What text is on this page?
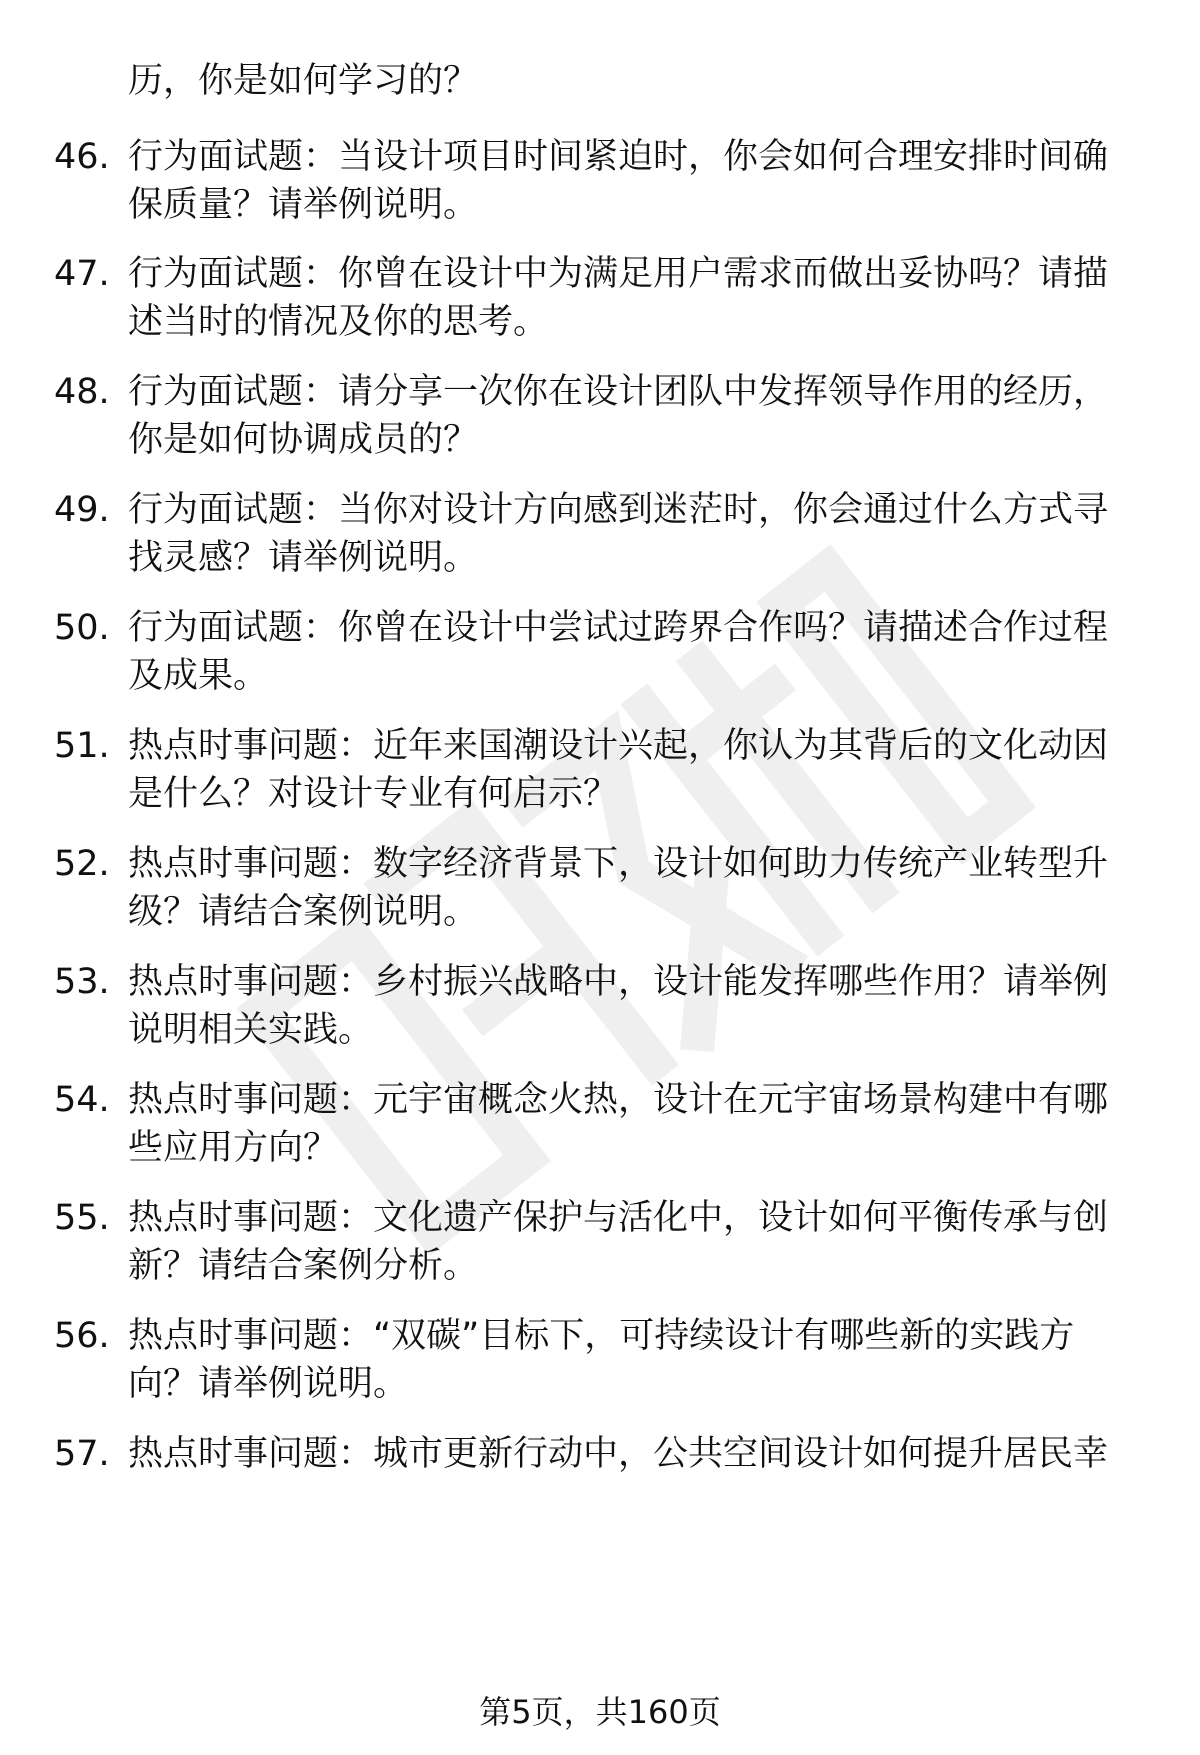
历，你是如何学习的？
46. 行为面试题：当设计项目时间紧迫时，你会如何合理安排时间确
保质量？请举例说明。
47. 行为面试题：你曾在设计中为满足用户需求而做出妥协吗？请描
述当时的情况及你的思考。
48. 行为面试题：请分享一次你在设计团队中发挥领导作用的经历，
你是如何协调成员的？
49. 行为面试题：当你对设计方向感到迷茫时，你会通过什么方式寻
找灵感？请举例说明。
50. 行为面试题：你曾在设计中尝试过跨界合作吗？请描述合作过程
及成果。
51. 热点时事问题：近年来国潮设计兴起，你认为其背后的文化动因
是什么？对设计专业有何启示？
52. 热点时事问题：数字经济背景下，设计如何助力传统产业转型升
级？请结合案例说明。
53. 热点时事问题：乡村振兴战略中，设计能发挥哪些作用？请举例
说明相关实践。
54. 热点时事问题：元宇宙概念火热，设计在元宇宙场景构建中有哪
些应用方向？
55. 热点时事问题：文化遗产保护与活化中，设计如何平衡传承与创
新？请结合案例分析。
56. 热点时事问题：“双碳”目标下，可持续设计有哪些新的实践方
向？请举例说明。
57. 热点时事问题：城市更新行动中，公共空间设计如何提升居民幸
第5页，共160页
